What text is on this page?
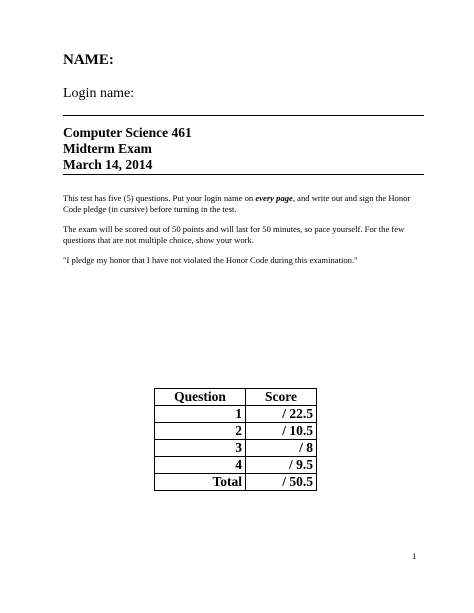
NAME:

Login name:

Computer Science 461
Midterm Exam
March 14, 2014

This test has five (5) questions. Put your login name on every page, and write out and sign the Honor Code pledge (in cursive) before turning in the test.

The exam will be scored out of 50 points and will last for 50 minutes, so pace yourself. For the few questions that are not multiple choice, show your work.

"I pledge my honor that I have not violated the Honor Code during this examination."

Question	Score
1	/ 22.5
2	/ 10.5
3	/ 8
4	/ 9.5
Total	/ 50.5
1
